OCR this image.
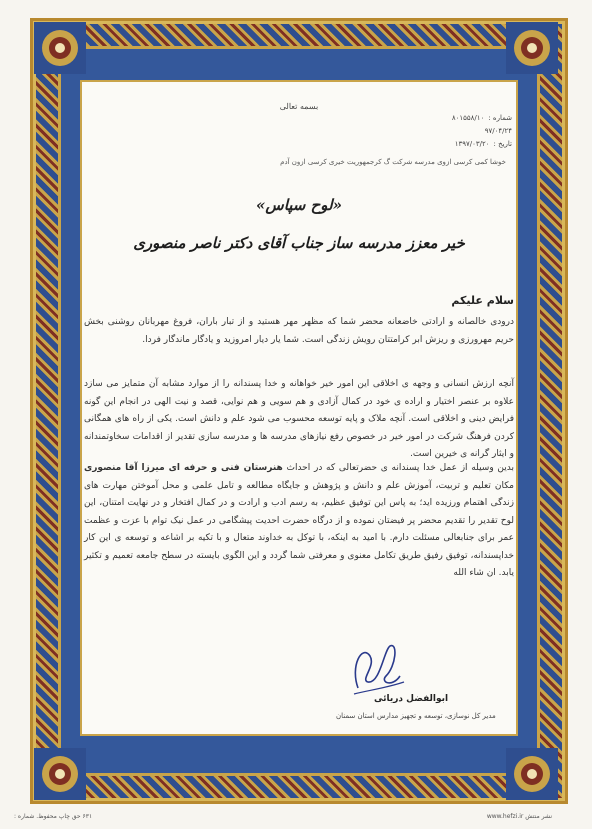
بسمه تعالی
شماره :
۸۰۱۵۵۸/۱۰
۹۷/۰۴/۲۴
تاریخ :
۱۳۹۷/۰۳/۲۰
خوشا کمی کرسی ازوی مدرسه شرکت گ کرجمهوریت خیری کرسی ازون آدم
«لوح سپاس»
خیر معزز مدرسه ساز جناب آقای دکتر ناصر منصوری
سلام علیکم
درودی خالصانه و ارادتی خاضعانه محضر شما که مظهر مهر هستید و از تبار باران، فروغ مهربانان روشنی بخش حریم مهرورزی و ریزش ابر کرامتتان رویش زندگی است. شما یار دیار امروزید و یادگار ماندگار فردا.
آنچه ارزش انسانی و وجهه ی اخلاقی این امور خیر خواهانه و خدا پسندانه را از موارد مشابه آن متمایز می سازد علاوه بر عنصر اختیار و اراده ی خود در کمال آزادی و هم سویی و هم نوایی، قصد و نیت الهی در انجام این گونه فرایض دینی و اخلاقی است. آنچه ملاک و پایه توسعه محسوب می شود علم و دانش است. یکی از راه های همگانی کردن فرهنگ شرکت در امور خیر در خصوص رفع نیازهای مدرسه ها و مدرسه سازی تقدیر از اقدامات سخاوتمندانه و ایثار گرانه ی خیرین است.
بدین وسیله از عمل خدا پسندانه ی حضرتعالی که در احداث هنرستان فنی و حرفه ای میرزا آقا منصوری مکان تعلیم و تربیت، آموزش علم و دانش و پژوهش و جایگاه مطالعه و تامل علمی و محل آموختن مهارت های زندگی اهتمام ورزیده اید؛ به پاس این توفیق عظیم، به رسم ادب و ارادت و در کمال افتخار و در نهایت امتنان، این لوح تقدیر را تقدیم محضر پر فیضتان نموده و از درگاه حضرت احدیت پیشگامی در عمل نیک توام با عزت و عظمت عمر برای جنابعالی مسئلت دارم. با امید به اینکه، با توکل به خداوند متعال و با تکیه بر اشاعه و توسعه ی این کار خداپسندانه، توفیق رفیق طریق تکامل معنوی و معرفتی شما گردد و این الگوی بایسته در سطح جامعه تعمیم و تکثیر یابد. ان شاء الله
ابوالفضل دریائی
مدیر کل نوسازی، توسعه و تجهیز مدارس استان سمنان
۶۳۱ حق چاپ محفوظ. شماره :	نشر منتش www.hefzi.ir
